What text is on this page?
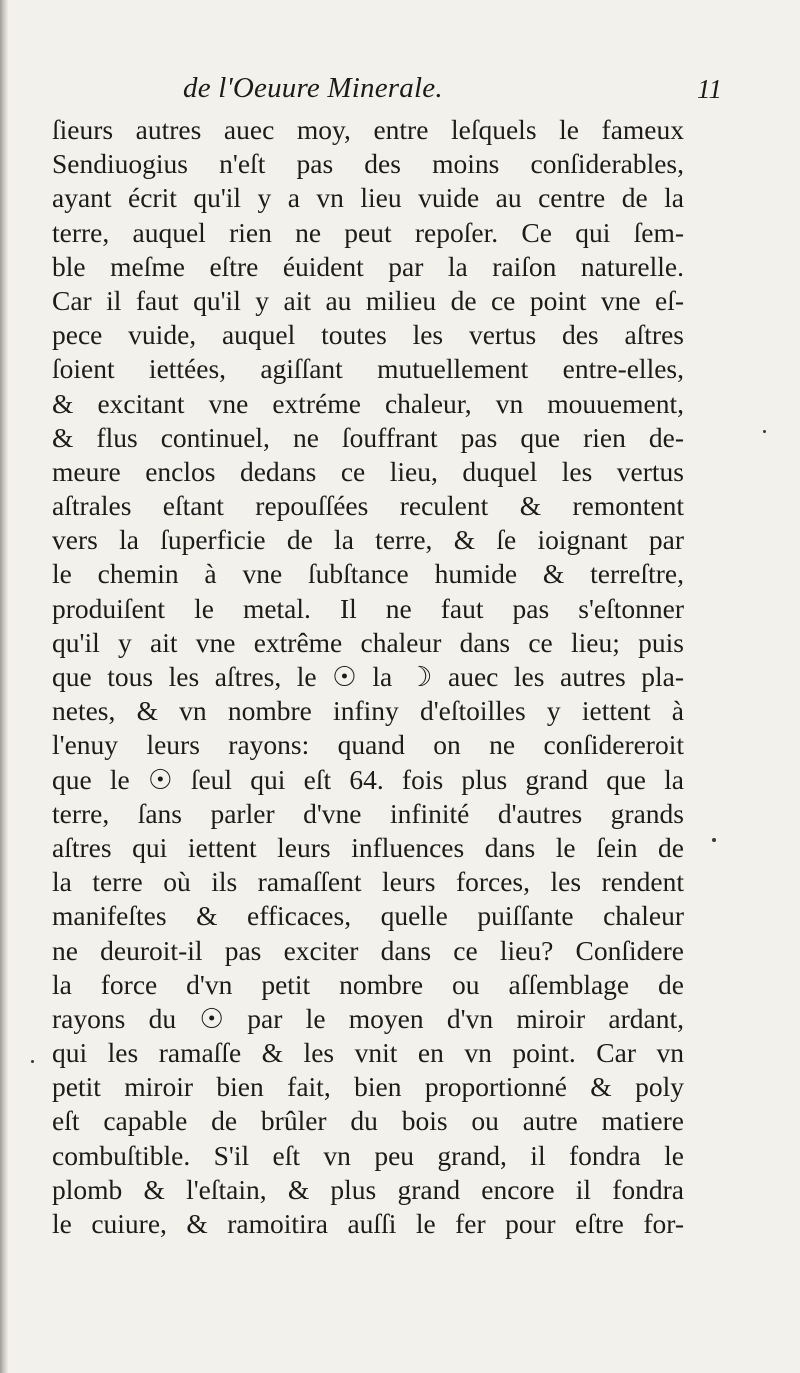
de l'Oeuure Minerale.	11
ſieurs autres auec moy, entre leſquels le fameux
Sendiuogius n'eſt pas des moins conſiderables,
ayant écrit qu'il y a vn lieu vuide au centre de la
terre, auquel rien ne peut repoſer. Ce qui ſem-
ble meſme eſtre éuident par la raiſon naturelle.
Car il faut qu'il y ait au milieu de ce point vne eſ-
pece vuide, auquel toutes les vertus des aſtres
ſoient iettées, agiſſant mutuellement entre-elles,
& excitant vne extréme chaleur, vn mouuement,
& flus continuel, ne ſouffrant pas que rien de-
meure enclos dedans ce lieu, duquel les vertus
aſtrales eſtant repouſſées reculent & remontent
vers la ſuperficie de la terre, & ſe ioignant par
le chemin à vne ſubſtance humide & terreſtre,
produiſent le metal. Il ne faut pas s'eſtonner
qu'il y ait vne extrême chaleur dans ce lieu; puis
que tous les aſtres, le ☉ la ☽ auec les autres pla-
netes, & vn nombre infiny d'eſtoilles y iettent à
l'enuy leurs rayons: quand on ne conſidereroit
que le ☉ ſeul qui eſt 64. fois plus grand que la
terre, ſans parler d'vne infinité d'autres grands
aſtres qui iettent leurs influences dans le ſein de
la terre où ils ramaſſent leurs forces, les rendent
manifeſtes & efficaces, quelle puiſſante chaleur
ne deuroit-il pas exciter dans ce lieu? Conſidere
la force d'vn petit nombre ou aſſemblage de
rayons du ☉ par le moyen d'vn miroir ardant,
qui les ramaſſe & les vnit en vn point. Car vn
petit miroir bien fait, bien proportionné & poly
eſt capable de brûler du bois ou autre matiere
combuſtible. S'il eſt vn peu grand, il fondra le
plomb & l'eſtain, & plus grand encore il fondra
le cuiure, & ramoitira auſſi le fer pour eſtre for-
